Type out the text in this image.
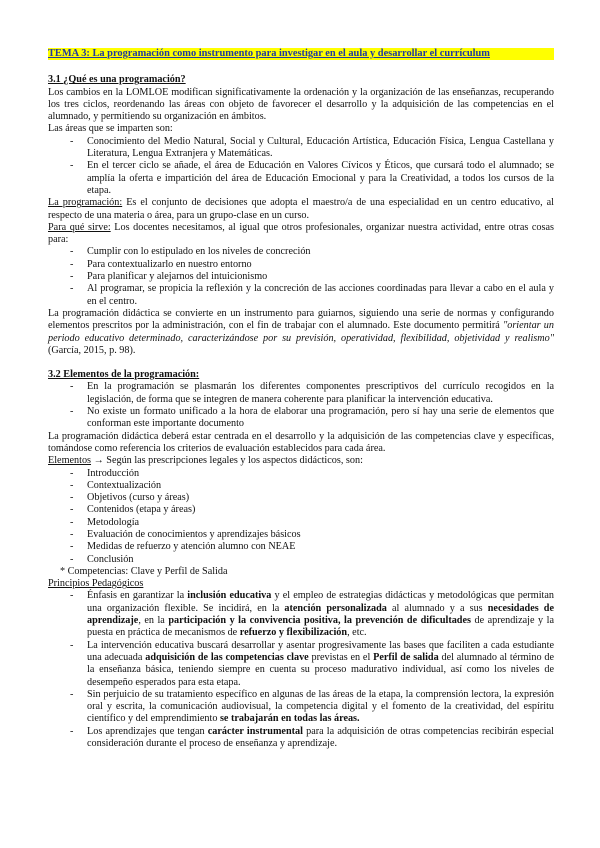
TEMA 3: La programación como instrumento para investigar en el aula y desarrollar el currículum
3.1 ¿Qué es una programación?

Los cambios en la LOMLOE modifican significativamente la ordenación y la organización de las enseñanzas, recuperando los tres ciclos, reordenando las áreas con objeto de favorecer el desarrollo y la adquisición de las competencias en el alumnado, y permitiendo su organización en ámbitos.

Las áreas que se imparten son:

- Conocimiento del Medio Natural, Social y Cultural, Educación Artística, Educación Física, Lengua Castellana y Literatura, Lengua Extranjera y Matemáticas.
- En el tercer ciclo se añade, el área de Educación en Valores Cívicos y Éticos, que cursará todo el alumnado; se amplía la oferta e impartición del área de Educación Emocional y para la Creatividad, a todos los cursos de la etapa.

La programación: Es el conjunto de decisiones que adopta el maestro/a de una especialidad en un centro educativo, al respecto de una materia o área, para un grupo-clase en un curso.

Para qué sirve: Los docentes necesitamos, al igual que otros profesionales, organizar nuestra actividad, entre otras cosas para:

- Cumplir con lo estipulado en los niveles de concreción
- Para contextualizarlo en nuestro entorno
- Para planificar y alejarnos del intuicionismo
- Al programar, se propicia la reflexión y la concreción de las acciones coordinadas para llevar a cabo en el aula y en el centro.

La programación didáctica se convierte en un instrumento para guiarnos, siguiendo una serie de normas y configurando elementos prescritos por la administración, con el fin de trabajar con el alumnado. Este documento permitirá "orientar un periodo educativo determinado, caracterizándose por su previsión, operatividad, flexibilidad, objetividad y realismo" (García, 2015, p. 98).

3.2 Elementos de la programación:
- En la programación se plasmarán los diferentes componentes prescriptivos del currículo recogidos en la legislación, de forma que se integren de manera coherente para planificar la intervención educativa.
- No existe un formato unificado a la hora de elaborar una programación, pero sí hay una serie de elementos que conforman este importante documento

La programación didáctica deberá estar centrada en el desarrollo y la adquisición de las competencias clave y específicas, tomándose como referencia los criterios de evaluación establecidos para cada área.

Elementos → Según las prescripciones legales y los aspectos didácticos, son:

- Introducción
- Contextualización
- Objetivos (curso y áreas)
- Contenidos (etapa y áreas)
- Metodología
- Evaluación de conocimientos y aprendizajes básicos
- Medidas de refuerzo y atención alumno con NEAE
- Conclusión

* Competencias: Clave y Perfil de Salida

Principios Pedagógicos

- Énfasis en garantizar la inclusión educativa y el empleo de estrategias didácticas y metodológicas que permitan una organización flexible. Se incidirá, en la atención personalizada al alumnado y a sus necesidades de aprendizaje, en la participación y la convivencia positiva, la prevención de dificultades de aprendizaje y la puesta en práctica de mecanismos de refuerzo y flexibilización, etc.
- La intervención educativa buscará desarrollar y asentar progresivamente las bases que faciliten a cada estudiante una adecuada adquisición de las competencias clave previstas en el Perfil de salida del alumnado al término de la enseñanza básica, teniendo siempre en cuenta su proceso madurativo individual, así como los niveles de desempeño esperados para esta etapa.
- Sin perjuicio de su tratamiento específico en algunas de las áreas de la etapa, la comprensión lectora, la expresión oral y escrita, la comunicación audiovisual, la competencia digital y el fomento de la creatividad, del espíritu científico y del emprendimiento se trabajarán en todas las áreas.
- Los aprendizajes que tengan carácter instrumental para la adquisición de otras competencias recibirán especial consideración durante el proceso de enseñanza y aprendizaje.
